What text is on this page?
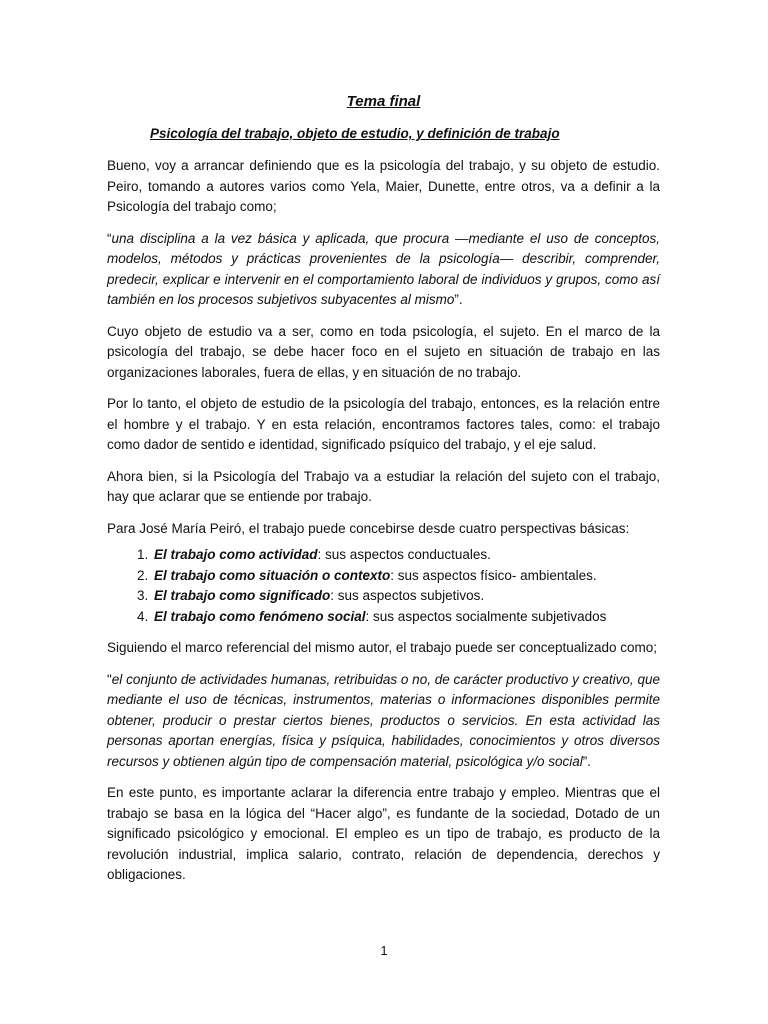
Tema final
Psicología del trabajo, objeto de estudio, y definición de trabajo

Bueno, voy a arrancar definiendo que es la psicología del trabajo, y su objeto de estudio. Peiro, tomando a autores varios como Yela, Maier, Dunette, entre otros, va a definir a la Psicología del trabajo como;

“una disciplina a la vez básica y aplicada, que procura —mediante el uso de conceptos, modelos, métodos y prácticas provenientes de la psicología— describir, comprender, predecir, explicar e intervenir en el comportamiento laboral de individuos y grupos, como así también en los procesos subjetivos subyacentes al mismo”.

Cuyo objeto de estudio va a ser, como en toda psicología, el sujeto. En el marco de la psicología del trabajo, se debe hacer foco en el sujeto en situación de trabajo en las organizaciones laborales, fuera de ellas, y en situación de no trabajo.

Por lo tanto, el objeto de estudio de la psicología del trabajo, entonces, es la relación entre el hombre y el trabajo. Y en esta relación, encontramos factores tales, como: el trabajo como dador de sentido e identidad, significado psíquico del trabajo, y el eje salud.

Ahora bien, si la Psicología del Trabajo va a estudiar la relación del sujeto con el trabajo, hay que aclarar que se entiende por trabajo.

Para José María Peiró, el trabajo puede concebirse desde cuatro perspectivas básicas:

1. El trabajo como actividad: sus aspectos conductuales.
2. El trabajo como situación o contexto: sus aspectos físico- ambientales.
3. El trabajo como significado: sus aspectos subjetivos.
4. El trabajo como fenómeno social: sus aspectos socialmente subjetivados

Siguiendo el marco referencial del mismo autor, el trabajo puede ser conceptualizado como;

"el conjunto de actividades humanas, retribuidas o no, de carácter productivo y creativo, que mediante el uso de técnicas, instrumentos, materias o informaciones disponibles permite obtener, producir o prestar ciertos bienes, productos o servicios. En esta actividad las personas aportan energías, física y psíquica, habilidades, conocimientos y otros diversos recursos y obtienen algún tipo de compensación material, psicológica y/o social”.

En este punto, es importante aclarar la diferencia entre trabajo y empleo. Mientras que el trabajo se basa en la lógica del “Hacer algo”, es fundante de la sociedad, Dotado de un significado psicológico y emocional. El empleo es un tipo de trabajo, es producto de la revolución industrial, implica salario, contrato, relación de dependencia, derechos y obligaciones.

1
